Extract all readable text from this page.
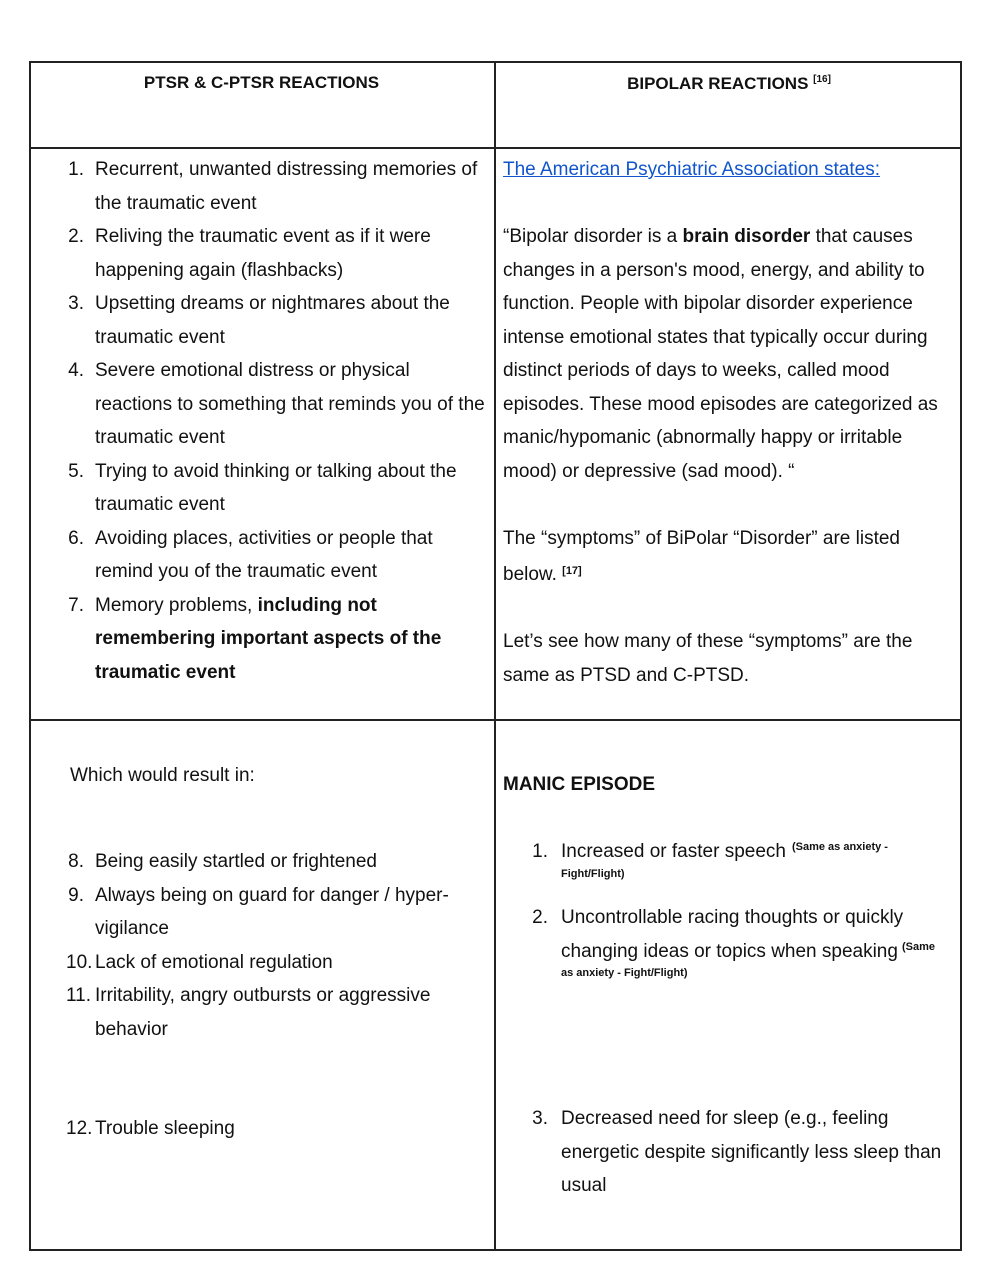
PTSR & C-PTSR REACTIONS	BIPOLAR REACTIONS [16]
1. Recurrent, unwanted distressing memories of the traumatic event
2. Reliving the traumatic event as if it were happening again (flashbacks)
3. Upsetting dreams or nightmares about the traumatic event
4. Severe emotional distress or physical reactions to something that reminds you of the traumatic event
5. Trying to avoid thinking or talking about the traumatic event
6. Avoiding places, activities or people that remind you of the traumatic event
7. Memory problems, including not remembering important aspects of the traumatic event

The American Psychiatric Association states:

“Bipolar disorder is a brain disorder that causes changes in a person's mood, energy, and ability to function. People with bipolar disorder experience intense emotional states that typically occur during distinct periods of days to weeks, called mood episodes. These mood episodes are categorized as manic/hypomanic (abnormally happy or irritable mood) or depressive (sad mood). “

The “symptoms” of BiPolar “Disorder” are listed below. [17]

Let’s see how many of these “symptoms” are the same as PTSD and C-PTSD.

Which would result in:
8. Being easily startled or frightened
9. Always being on guard for danger / hyper-vigilance
10. Lack of emotional regulation
11. Irritability, angry outbursts or aggressive behavior
12. Trouble sleeping
MANIC EPISODE
1. Increased or faster speech $^{(Same as anxiety -}$
Fight/Flight)
2. Uncontrollable racing thoughts or quickly changing ideas or topics when speaking $^{(Same}$
as anxiety - Fight/Flight)
3. Decreased need for sleep (e.g., feeling energetic despite significantly less sleep than usual
